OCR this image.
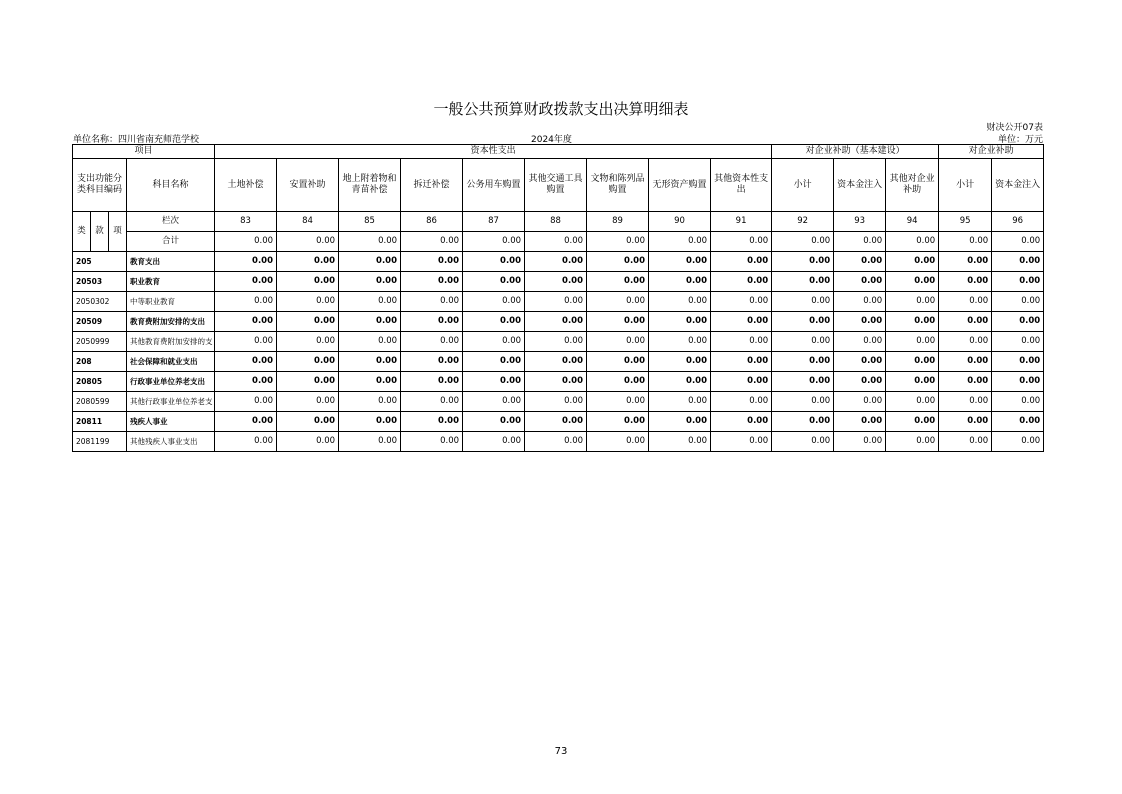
一般公共预算财政拨款支出决算明细表
财决公开07表
单位名称：四川省南充师范学校	2024年度	单位：万元
项目				资本性支出									对企业补助（基本建设）			对企业补助	
支出功能分类科目编码			科目名称	土地补偿	安置补助	地上附着物和青苗补偿	拆迁补偿	公务用车购置	其他交通工具购置	文物和陈列品购置	无形资产购置	其他资本性支出	小计	资本金注入	其他对企业补助	小计	资本金注入
类	款	项	栏次	83	84	85	86	87	88	89	90	91	92	93	94	95	96
			合计	0.00	0.00	0.00	0.00	0.00	0.00	0.00	0.00	0.00	0.00	0.00	0.00	0.00	0.00
205			教育支出	0.00	0.00	0.00	0.00	0.00	0.00	0.00	0.00	0.00	0.00	0.00	0.00	0.00	0.00
20503			职业教育	0.00	0.00	0.00	0.00	0.00	0.00	0.00	0.00	0.00	0.00	0.00	0.00	0.00	0.00
2050302			中等职业教育	0.00	0.00	0.00	0.00	0.00	0.00	0.00	0.00	0.00	0.00	0.00	0.00	0.00	0.00
20509			教育费附加安排的支出	0.00	0.00	0.00	0.00	0.00	0.00	0.00	0.00	0.00	0.00	0.00	0.00	0.00	0.00
2050999			其他教育费附加安排的支	0.00	0.00	0.00	0.00	0.00	0.00	0.00	0.00	0.00	0.00	0.00	0.00	0.00	0.00
208			社会保障和就业支出	0.00	0.00	0.00	0.00	0.00	0.00	0.00	0.00	0.00	0.00	0.00	0.00	0.00	0.00
20805			行政事业单位养老支出	0.00	0.00	0.00	0.00	0.00	0.00	0.00	0.00	0.00	0.00	0.00	0.00	0.00	0.00
2080599			其他行政事业单位养老支	0.00	0.00	0.00	0.00	0.00	0.00	0.00	0.00	0.00	0.00	0.00	0.00	0.00	0.00
20811			残疾人事业	0.00	0.00	0.00	0.00	0.00	0.00	0.00	0.00	0.00	0.00	0.00	0.00	0.00	0.00
2081199			其他残疾人事业支出	0.00	0.00	0.00	0.00	0.00	0.00	0.00	0.00	0.00	0.00	0.00	0.00	0.00	0.00
73
